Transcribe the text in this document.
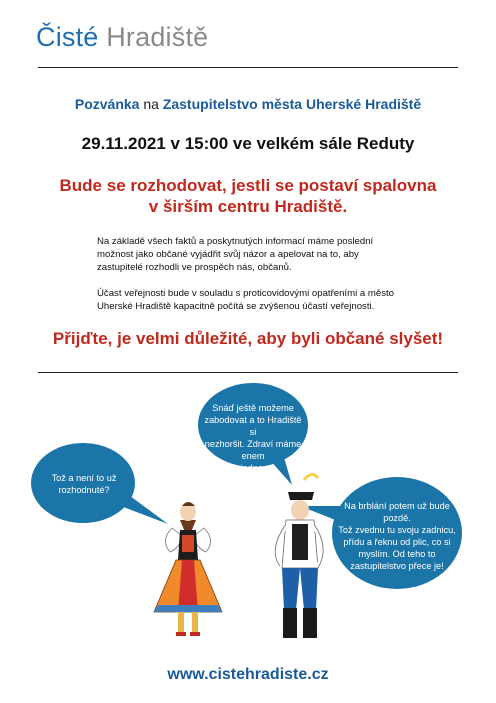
Čisté Hradiště
Pozvánka na Zastupitelstvo města Uherské Hradiště
29.11.2021 v 15:00 ve velkém sále Reduty
Bude se rozhodovat, jestli se postaví spalovna
v širším centru Hradiště.
Na základě všech faktů a poskytnutých informací máme poslední
možnost jako občané vyjádřit svůj názor a apelovat na to, aby
zastupitelé rozhodli ve prospěch nás, občanů.
Účast veřejnosti bude v souladu s proticovidovými opatřeními a město
Uherské Hradiště kapacitně počítá se zvýšenou účastí veřejnosti.
Přijďte, je velmi důležité, aby byli občané slyšet!
Tož a není to už
rozhodnuté?
Snáď ještě možeme
zabodovat a to Hradiště si
nezhoršit. Zdraví máme enem
jedno.
Na brblání potem už bude
pozdě.
Tož zvednu tu svoju zadnicu,
přídu a řeknu od plic, co si
myslím. Od teho to
zastupitelstvo přece je!
www.cistehradiste.cz
